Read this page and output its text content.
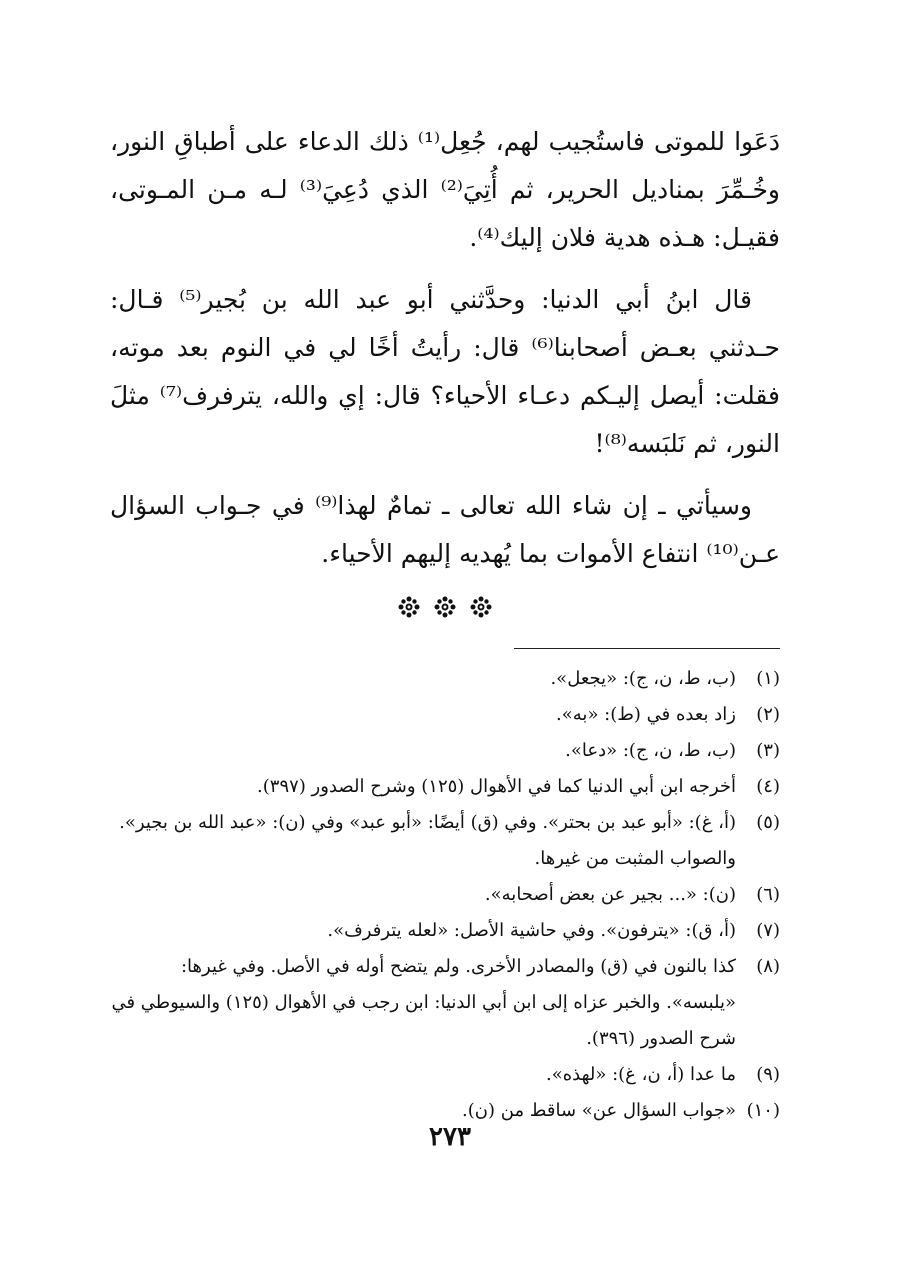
دَعَوا للموتى فاستُجيب لهم، جُعِل⁽¹⁾ ذلك الدعاء على أطباقِ النور، وخُـمِّرَ بمناديل الحرير، ثم أُتِيَ⁽²⁾ الذي دُعِيَ⁽³⁾ لـه مـن المـوتى، فقيـل: هـذه هدية فلان إليك⁽⁴⁾.

قال ابنُ أبي الدنيا: وحدَّثني أبو عبد الله بن بُجير⁽⁵⁾ قـال: حـدثني بعـض أصحابنا⁽⁶⁾ قال: رأيتُ أخًا لي في النوم بعد موته، فقلت: أيصل إليـكم دعـاء الأحياء؟ قال: إي والله، يترفرف⁽⁷⁾ مثلَ النور، ثم نَلبَسه⁽⁸⁾!

وسيأتي ـ إن شاء الله تعالى ـ تمامٌ لهذا⁽⁹⁾ في جـواب السؤال عـن⁽¹⁰⁾ انتفاع الأموات بما يُهديه إليهم الأحياء.

(١)
(ب، ط، ن، ج): «يجعل».
(٢)
زاد بعده في (ط): «به».
(٣)
(ب، ط، ن، ج): «دعا».
(٤)
أخرجه ابن أبي الدنيا كما في الأهوال (١٢٥) وشرح الصدور (٣٩٧).
(٥)
(أ، غ): «أبو عبد بن بحتر». وفي (ق) أيضًا: «أبو عبد» وفي (ن): «عبد الله بن بجير». والصواب المثبت من غيرها.
(٦)
(ن): «... بجير عن بعض أصحابه».
(٧)
(أ، ق): «يترفون». وفي حاشية الأصل: «لعله يترفرف».
(٨)
كذا بالنون في (ق) والمصادر الأخرى. ولم يتضح أوله في الأصل. وفي غيرها: «يلبسه». والخبر عزاه إلى ابن أبي الدنيا: ابن رجب في الأهوال (١٢٥) والسيوطي في شرح الصدور (٣٩٦).
(٩)
ما عدا (أ، ن، غ): «لهذه».
(١٠)
«جواب السؤال عن» ساقط من (ن).
٢٧٣
